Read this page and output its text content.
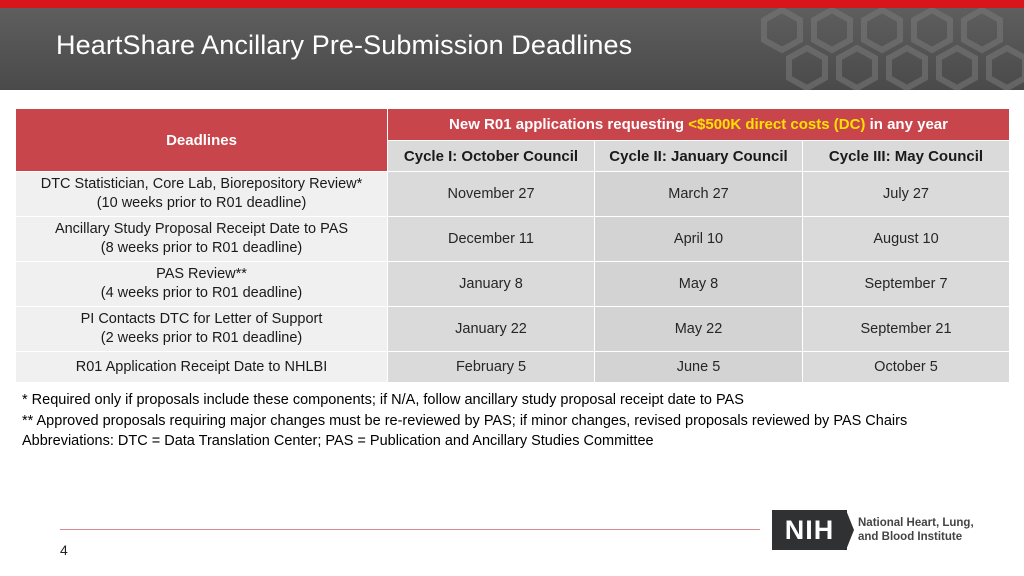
HeartShare Ancillary Pre-Submission Deadlines
Deadlines	New R01 applications requesting <$500K direct costs (DC) in any year		
	Cycle I: October Council	Cycle II: January Council	Cycle III: May Council

DTC Statistician, Core Lab, Biorepository Review*
(10 weeks prior to R01 deadline)	November 27	March 27	July 27

Ancillary Study Proposal Receipt Date to PAS
(8 weeks prior to R01 deadline)	December 11	April 10	August 10

PAS Review**
(4 weeks prior to R01 deadline)	January 8	May 8	September 7

PI Contacts DTC for Letter of Support
(2 weeks prior to R01 deadline)	January 22	May 22	September 21

R01 Application Receipt Date to NHLBI	February 5	June 5	October 5
* Required only if proposals include these components; if N/A, follow ancillary study proposal receipt date to PAS
** Approved proposals requiring major changes must be re-reviewed by PAS; if minor changes, revised proposals reviewed by PAS Chairs
Abbreviations: DTC = Data Translation Center; PAS = Publication and Ancillary Studies Committee
4
NIH	National Heart, Lung,
and Blood Institute
